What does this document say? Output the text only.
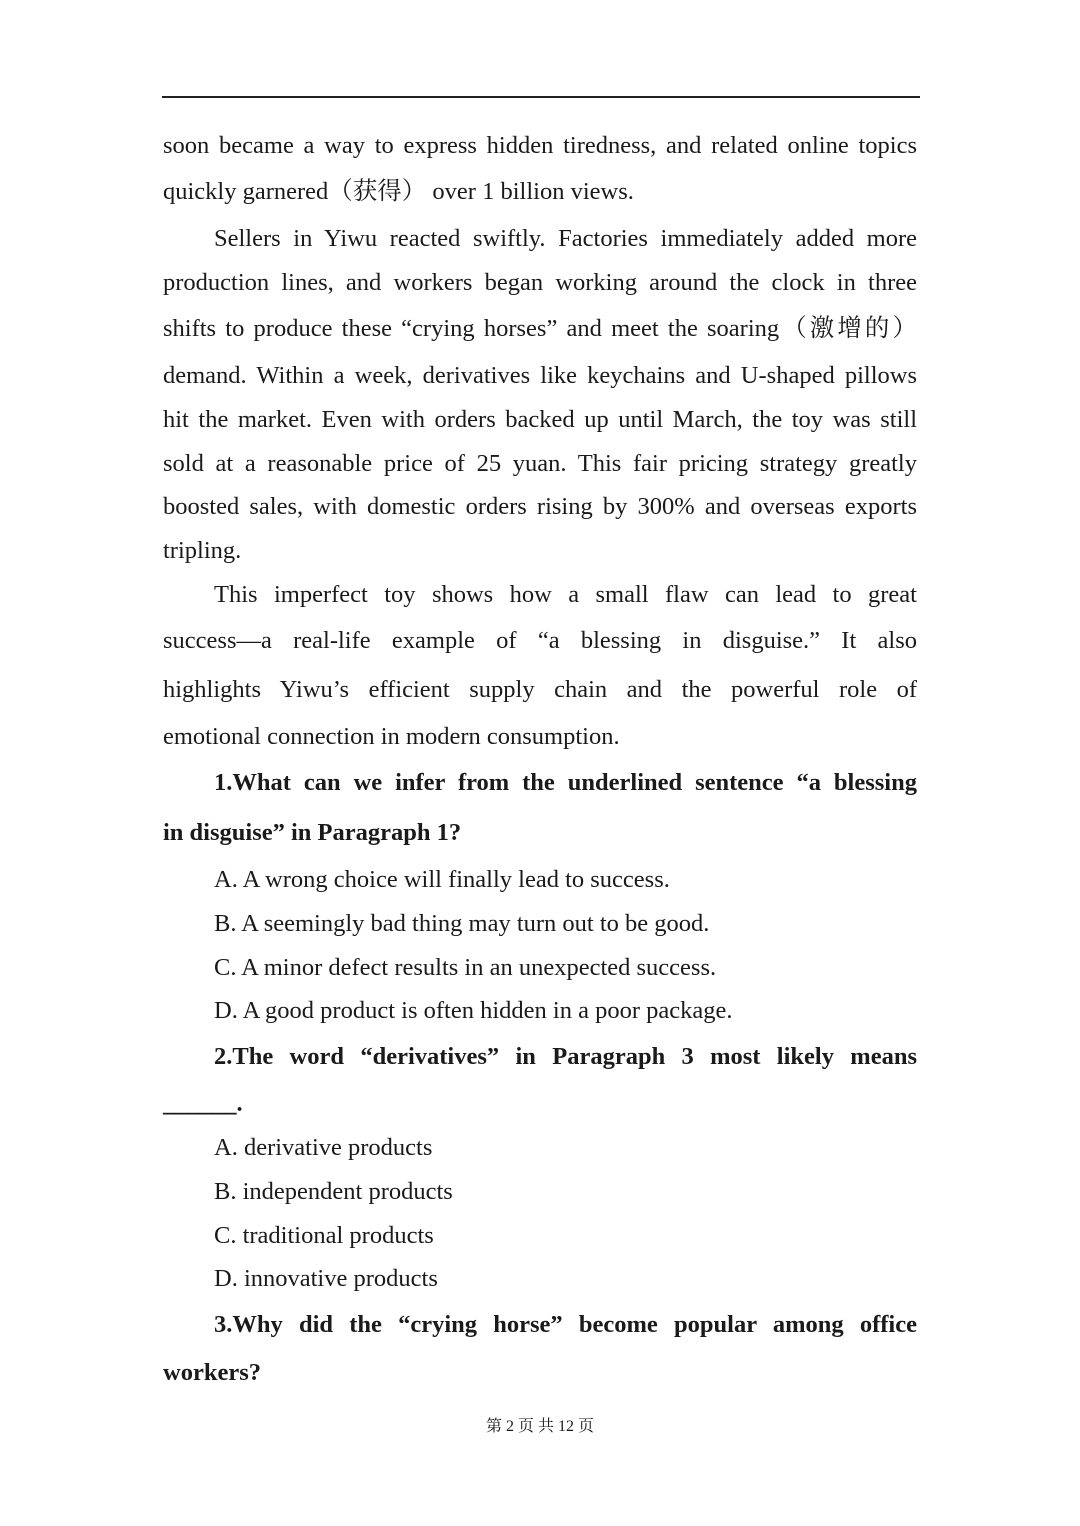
soon became a way to express hidden tiredness, and related online topics
quickly garnered（获得） over 1 billion views.
Sellers in Yiwu reacted swiftly. Factories immediately added more
production lines, and workers began working around the clock in three
shifts to produce these “crying horses” and meet the soaring（激增的）
demand. Within a week, derivatives like keychains and U-shaped pillows
hit the market. Even with orders backed up until March, the toy was still
sold at a reasonable price of 25 yuan. This fair pricing strategy greatly
boosted sales, with domestic orders rising by 300% and overseas exports
tripling.
This imperfect toy shows how a small flaw can lead to great
success—a real-life example of “a blessing in disguise.” It also
highlights Yiwu’s efficient supply chain and the powerful role of
emotional connection in modern consumption.
1.What can we infer from the underlined sentence “a blessing
in disguise” in Paragraph 1?
A. A wrong choice will finally lead to success.
B. A seemingly bad thing may turn out to be good.
C. A minor defect results in an unexpected success.
D. A good product is often hidden in a poor package.
2.The word “derivatives” in Paragraph 3 most likely means
______.
A. derivative products
B. independent products
C. traditional products
D. innovative products
3.Why did the “crying horse” become popular among office
workers?
第 2 页 共 12 页
